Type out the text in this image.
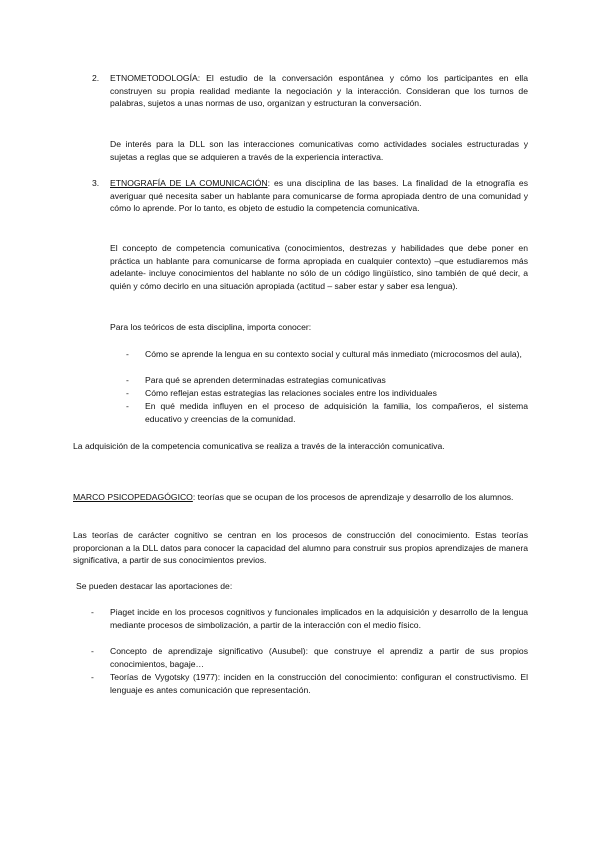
2. ETNOMETODOLOGÍA: El estudio de la conversación espontánea y cómo los participantes en ella construyen su propia realidad mediante la negociación y la interacción. Consideran que los turnos de palabras, sujetos a unas normas de uso, organizan y estructuran la conversación.

De interés para la DLL son las interacciones comunicativas como actividades sociales estructuradas y sujetas a reglas que se adquieren a través de la experiencia interactiva.

3. ETNOGRAFÍA DE LA COMUNICACIÓN: es una disciplina de las bases. La finalidad de la etnografía es averiguar qué necesita saber un hablante para comunicarse de forma apropiada dentro de una comunidad y cómo lo aprende. Por lo tanto, es objeto de estudio la competencia comunicativa.

El concepto de competencia comunicativa (conocimientos, destrezas y habilidades que debe poner en práctica un hablante para comunicarse de forma apropiada en cualquier contexto) –que estudiaremos más adelante- incluye conocimientos del hablante no sólo de un código lingüístico, sino también de qué decir, a quién y cómo decirlo en una situación apropiada (actitud – saber estar y saber esa lengua).

Para los teóricos de esta disciplina, importa conocer:

- Cómo se aprende la lengua en su contexto social y cultural más inmediato (microcosmos del aula),

- Para qué se aprenden determinadas estrategias comunicativas

- Cómo reflejan estas estrategias las relaciones sociales entre los individuales

- En qué medida influyen en el proceso de adquisición la familia, los compañeros, el sistema educativo y creencias de la comunidad.

La adquisición de la competencia comunicativa se realiza a través de la interacción comunicativa.

MARCO PSICOPEDAGÓGICO: teorías que se ocupan de los procesos de aprendizaje y desarrollo de los alumnos.

Las teorías de carácter cognitivo se centran en los procesos de construcción del conocimiento. Estas teorías proporcionan a la DLL datos para conocer la capacidad del alumno para construir sus propios aprendizajes de manera significativa, a partir de sus conocimientos previos.

Se pueden destacar las aportaciones de:

- Piaget incide en los procesos cognitivos y funcionales implicados en la adquisición y desarrollo de la lengua mediante procesos de simbolización, a partir de la interacción con el medio físico.

- Concepto de aprendizaje significativo (Ausubel): que construye el aprendiz a partir de sus propios conocimientos, bagaje…

- Teorías de Vygotsky (1977): inciden en la construcción del conocimiento: configuran el constructivismo. El lenguaje es antes comunicación que representación.
